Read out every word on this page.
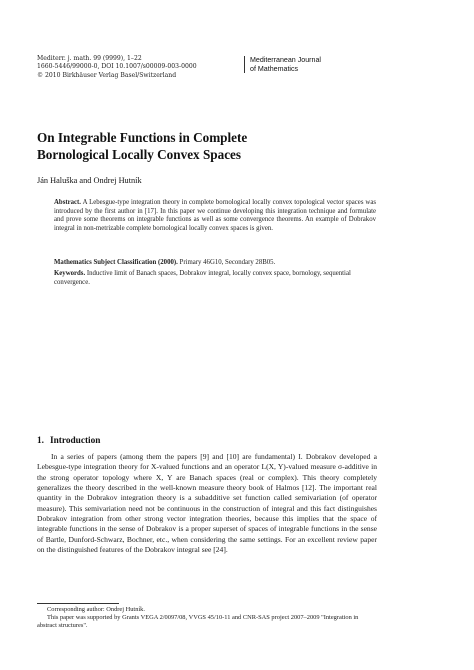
Mediterr. j. math. 99 (9999), 1–22
1660-5446/99000-0, DOI 10.1007/s00009-003-0000
© 2010 Birkhäuser Verlag Basel/Switzerland
Mediterranean Journal
of Mathematics
On Integrable Functions in Complete
Bornological Locally Convex Spaces
Ján Haluška and Ondrej Hutník
Abstract. A Lebesgue-type integration theory in complete bornological locally convex topological vector spaces was introduced by the first author in [17]. In this paper we continue developing this integration technique and formulate and prove some theorems on integrable functions as well as some convergence theorems. An example of Dobrakov integral in non-metrizable complete bornological locally convex spaces is given.
Mathematics Subject Classification (2000). Primary 46G10, Secondary 28B05.
Keywords. Inductive limit of Banach spaces, Dobrakov integral, locally convex space, bornology, sequential convergence.
1. Introduction
In a series of papers (among them the papers [9] and [10] are fundamental) I. Dobrakov developed a Lebesgue-type integration theory for X-valued functions and an operator L(X, Y)-valued measure σ-additive in the strong operator topology where X, Y are Banach spaces (real or complex). This theory completely generalizes the theory described in the well-known measure theory book of Halmos [12]. The important real quantity in the Dobrakov integration theory is a subadditive set function called semivariation (of operator measure). This semivariation need not be continuous in the construction of integral and this fact distinguishes Dobrakov integration from other strong vector integration theories, because this implies that the space of integrable functions in the sense of Dobrakov is a proper superset of spaces of integrable functions in the sense of Bartle, Dunford-Schwarz, Bochner, etc., when considering the same settings. For an excellent review paper on the distinguished features of the Dobrakov integral see [24].
Corresponding author: Ondrej Hutník.
This paper was supported by Grants VEGA 2/0097/08, VVGS 45/10-11 and CNR-SAS project 2007–2009 "Integration in abstract structures".
